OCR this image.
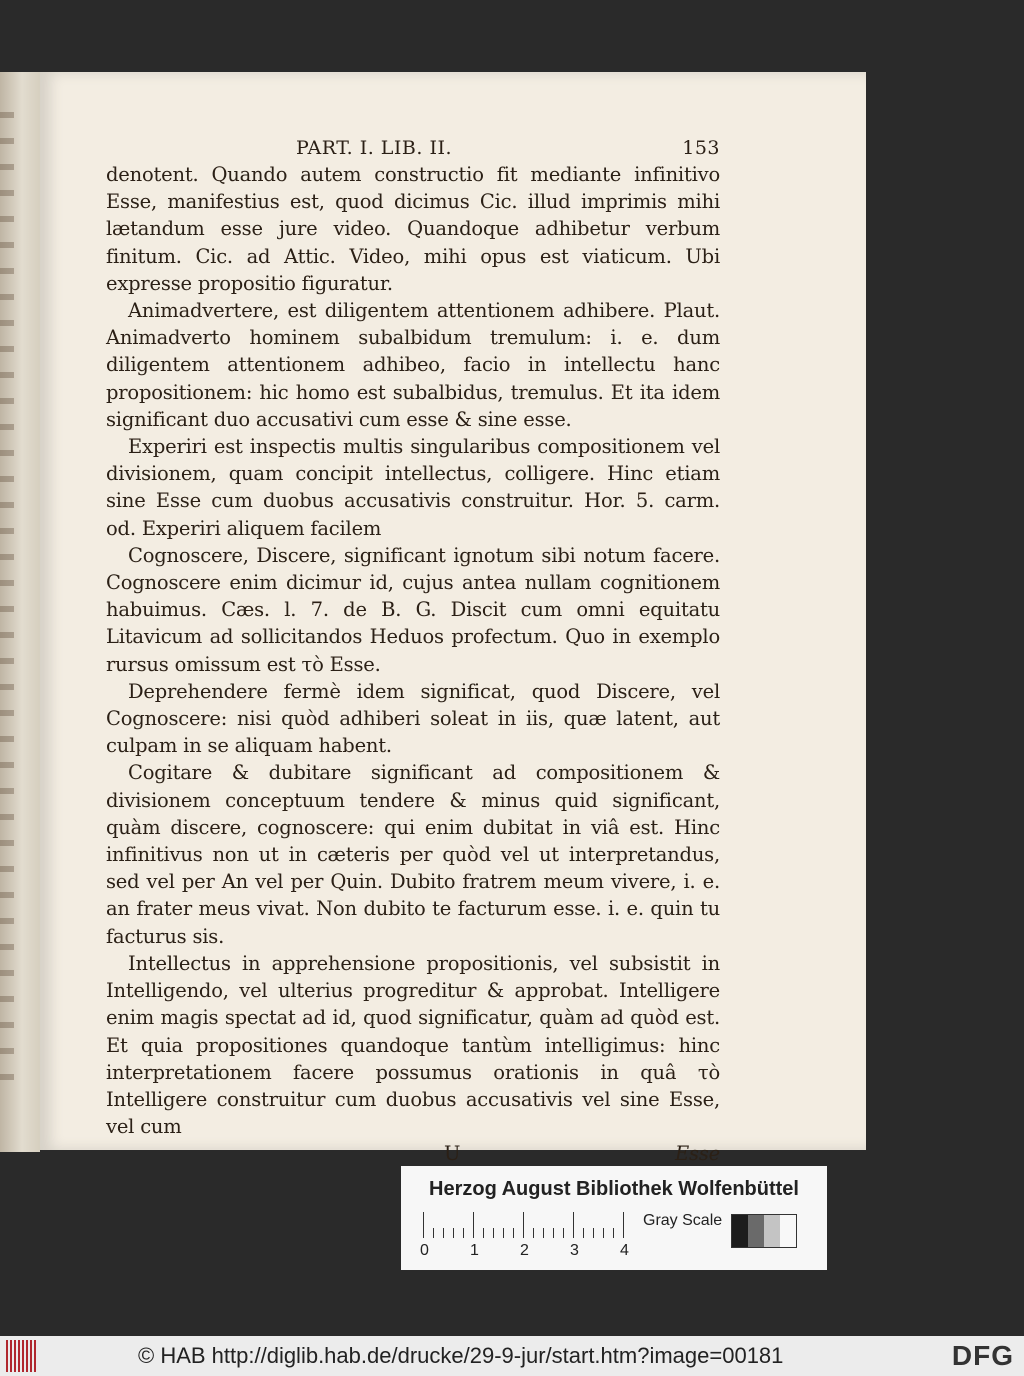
PART. I. LIB. II.	153

denotent. Quando autem constructio fit mediante infinitivo Esse, manifestius est, quod dicimus Cic. illud imprimis mihi lætandum esse jure video. Quandoque adhibetur verbum finitum. Cic. ad Attic. Video, mihi opus est viaticum. Ubi expresse propositio figuratur.

Animadvertere, est diligentem attentionem adhibere. Plaut. Animadverto hominem subalbidum tremulum: i. e. dum diligentem attentionem adhibeo, facio in intellectu hanc propositionem: hic homo est subalbidus, tremulus. Et ita idem significant duo accusativi cum esse & sine esse.

Experiri est inspectis multis singularibus compositionem vel divisionem, quam concipit intellectus, colligere. Hinc etiam sine Esse cum duobus accusativis construitur. Hor. 5. carm. od. Experiri aliquem facilem

Cognoscere, Discere, significant ignotum sibi notum facere. Cognoscere enim dicimur id, cujus antea nullam cognitionem habuimus. Cæs. l. 7. de B. G. Discit cum omni equitatu Litavicum ad sollicitandos Heduos profectum. Quo in exemplo rursus omissum est τὸ Esse.

Deprehendere fermè idem significat, quod Discere, vel Cognoscere: nisi quòd adhiberi soleat in iis, quæ latent, aut culpam in se aliquam habent.

Cogitare & dubitare significant ad compositionem & divisionem conceptuum tendere & minus quid significant, quàm discere, cognoscere: qui enim dubitat in viâ est. Hinc infinitivus non ut in cæteris per quòd vel ut interpretandus, sed vel per An vel per Quin. Dubito fratrem meum vivere, i. e. an frater meus vivat. Non dubito te facturum esse. i. e. quin tu facturus sis.

Intellectus in apprehensione propositionis, vel subsistit in Intelligendo, vel ulterius progreditur & approbat. Intelligere enim magis spectat ad id, quod significatur, quàm ad quòd est. Et quia propositiones quandoque tantùm intelligimus: hinc interpretationem facere possumus orationis in quâ τὸ Intelligere construitur cum duobus accusativis vel sine Esse, vel cum

U	Esse
Herzog August Bibliothek Wolfenbüttel
0	1	2	3	4
Gray Scale
© HAB http://diglib.hab.de/drucke/29-9-jur/start.htm?image=00181	DFG
